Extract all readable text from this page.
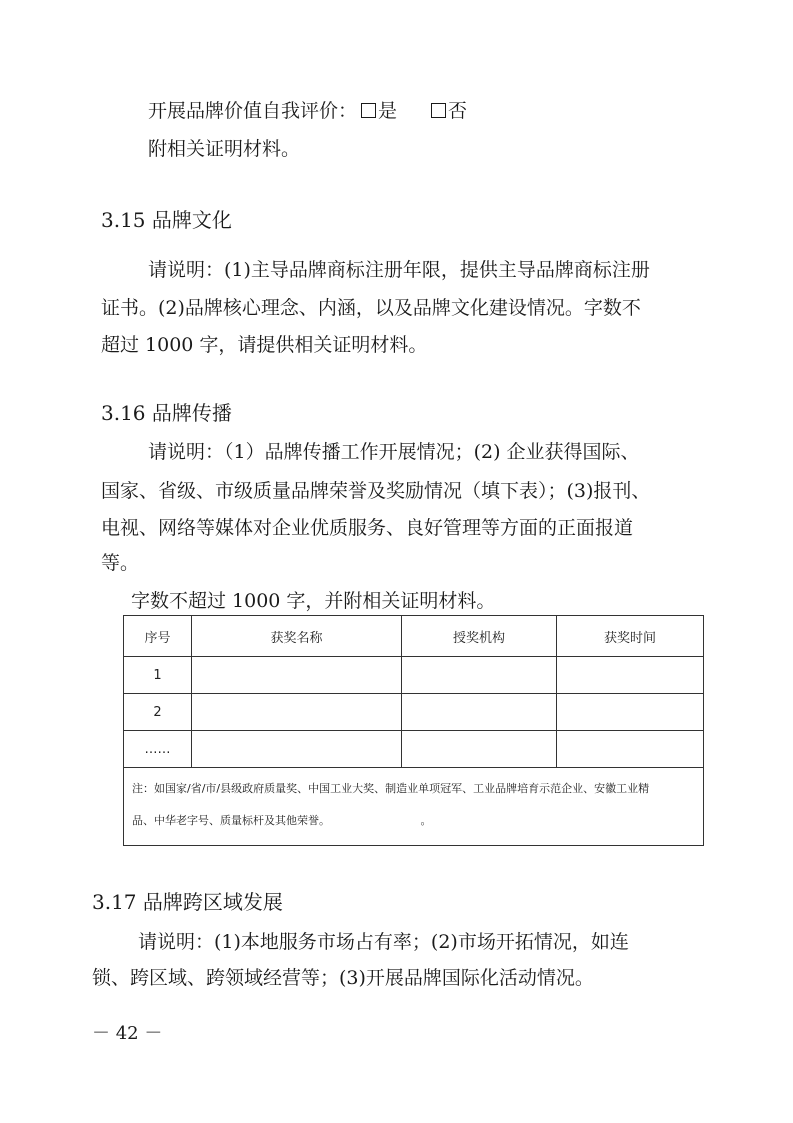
开展品牌价值自我评价： 是	否

附相关证明材料。

3.15 品牌文化

请说明：(1)主导品牌商标注册年限，提供主导品牌商标注册

证书。(2)品牌核心理念、内涵，以及品牌文化建设情况。字数不

超过 1000 字，请提供相关证明材料。

3.16 品牌传播

请说明：（1）品牌传播工作开展情况；(2) 企业获得国际、

国家、省级、市级质量品牌荣誉及奖励情况（填下表）；(3)报刊、

电视、网络等媒体对企业优质服务、良好管理等方面的正面报道

等。

字数不超过 1000 字，并附相关证明材料。

序号	获奖名称	授奖机构	获奖时间
1			
2			
……			

注：如国家/省/市/县级政府质量奖、中国工业大奖、制造业单项冠军、工业品牌培育示范企业、安徽工业精
品、中华老字号、质量标杆及其他荣誉。 。			

3.17 品牌跨区域发展

请说明：(1)本地服务市场占有率；(2)市场开拓情况，如连

锁、跨区域、跨领域经营等；(3)开展品牌国际化活动情况。

－ 42 －
